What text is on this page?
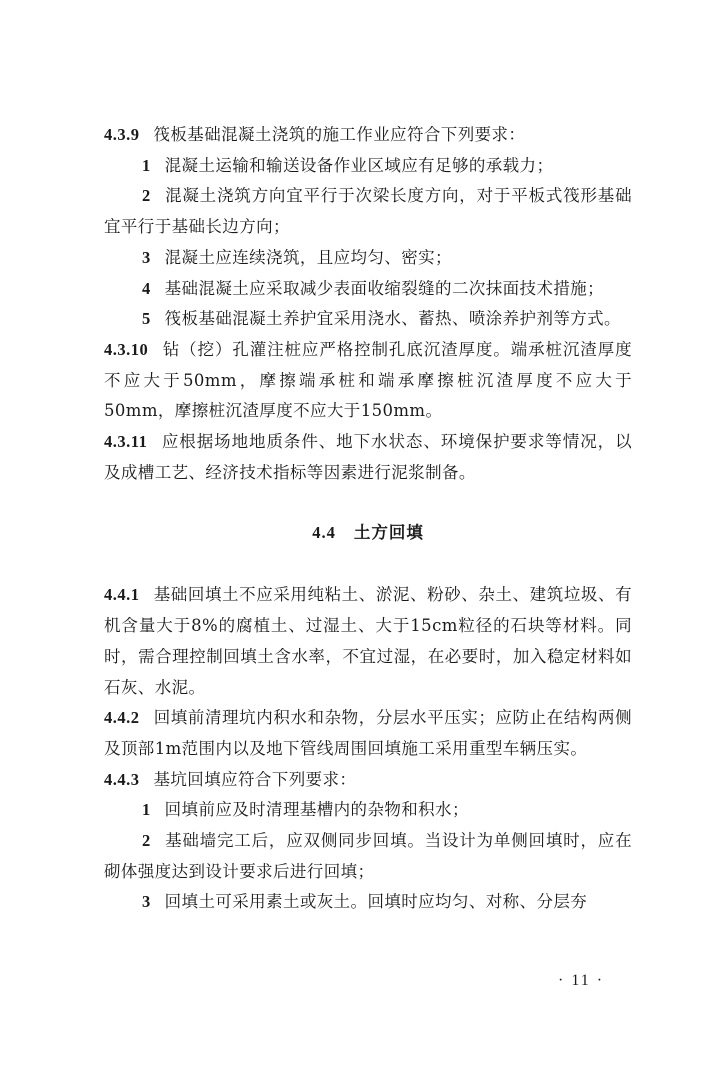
4.3.9 筏板基础混凝土浇筑的施工作业应符合下列要求：

1 混凝土运输和输送设备作业区域应有足够的承载力；

2 混凝土浇筑方向宜平行于次梁长度方向，对于平板式筏形基础宜平行于基础长边方向；

3 混凝土应连续浇筑，且应均匀、密实；

4 基础混凝土应采取减少表面收缩裂缝的二次抹面技术措施；

5 筏板基础混凝土养护宜采用浇水、蓄热、喷涂养护剂等方式。

4.3.10 钻（挖）孔灌注桩应严格控制孔底沉渣厚度。端承桩沉渣厚度不应大于50mm，摩擦端承桩和端承摩擦桩沉渣厚度不应大于50mm，摩擦桩沉渣厚度不应大于150mm。

4.3.11 应根据场地地质条件、地下水状态、环境保护要求等情况，以及成槽工艺、经济技术指标等因素进行泥浆制备。

4.4 土方回填

4.4.1 基础回填土不应采用纯粘土、淤泥、粉砂、杂土、建筑垃圾、有机含量大于8%的腐植土、过湿土、大于15cm粒径的石块等材料。同时，需合理控制回填土含水率，不宜过湿，在必要时，加入稳定材料如石灰、水泥。

4.4.2 回填前清理坑内积水和杂物，分层水平压实；应防止在结构两侧及顶部1m范围内以及地下管线周围回填施工采用重型车辆压实。

4.4.3 基坑回填应符合下列要求：

1 回填前应及时清理基槽内的杂物和积水；

2 基础墙完工后，应双侧同步回填。当设计为单侧回填时，应在砌体强度达到设计要求后进行回填；

3 回填土可采用素土或灰土。回填时应均匀、对称、分层夯

· 11 ·
